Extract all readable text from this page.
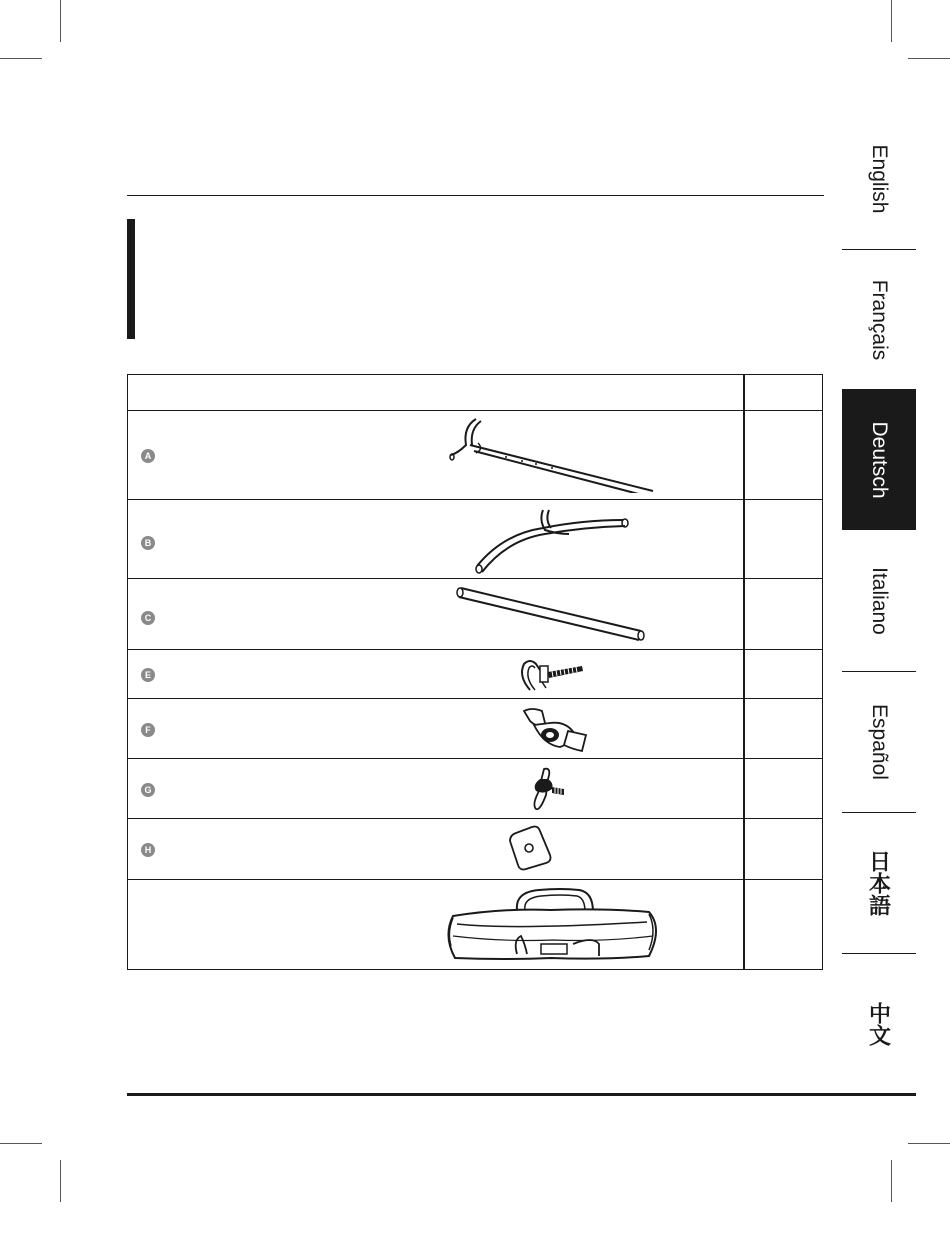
A
B
C
E
F
G
H
English
Français
Deutsch
Italiano
Español
日本語
中文
